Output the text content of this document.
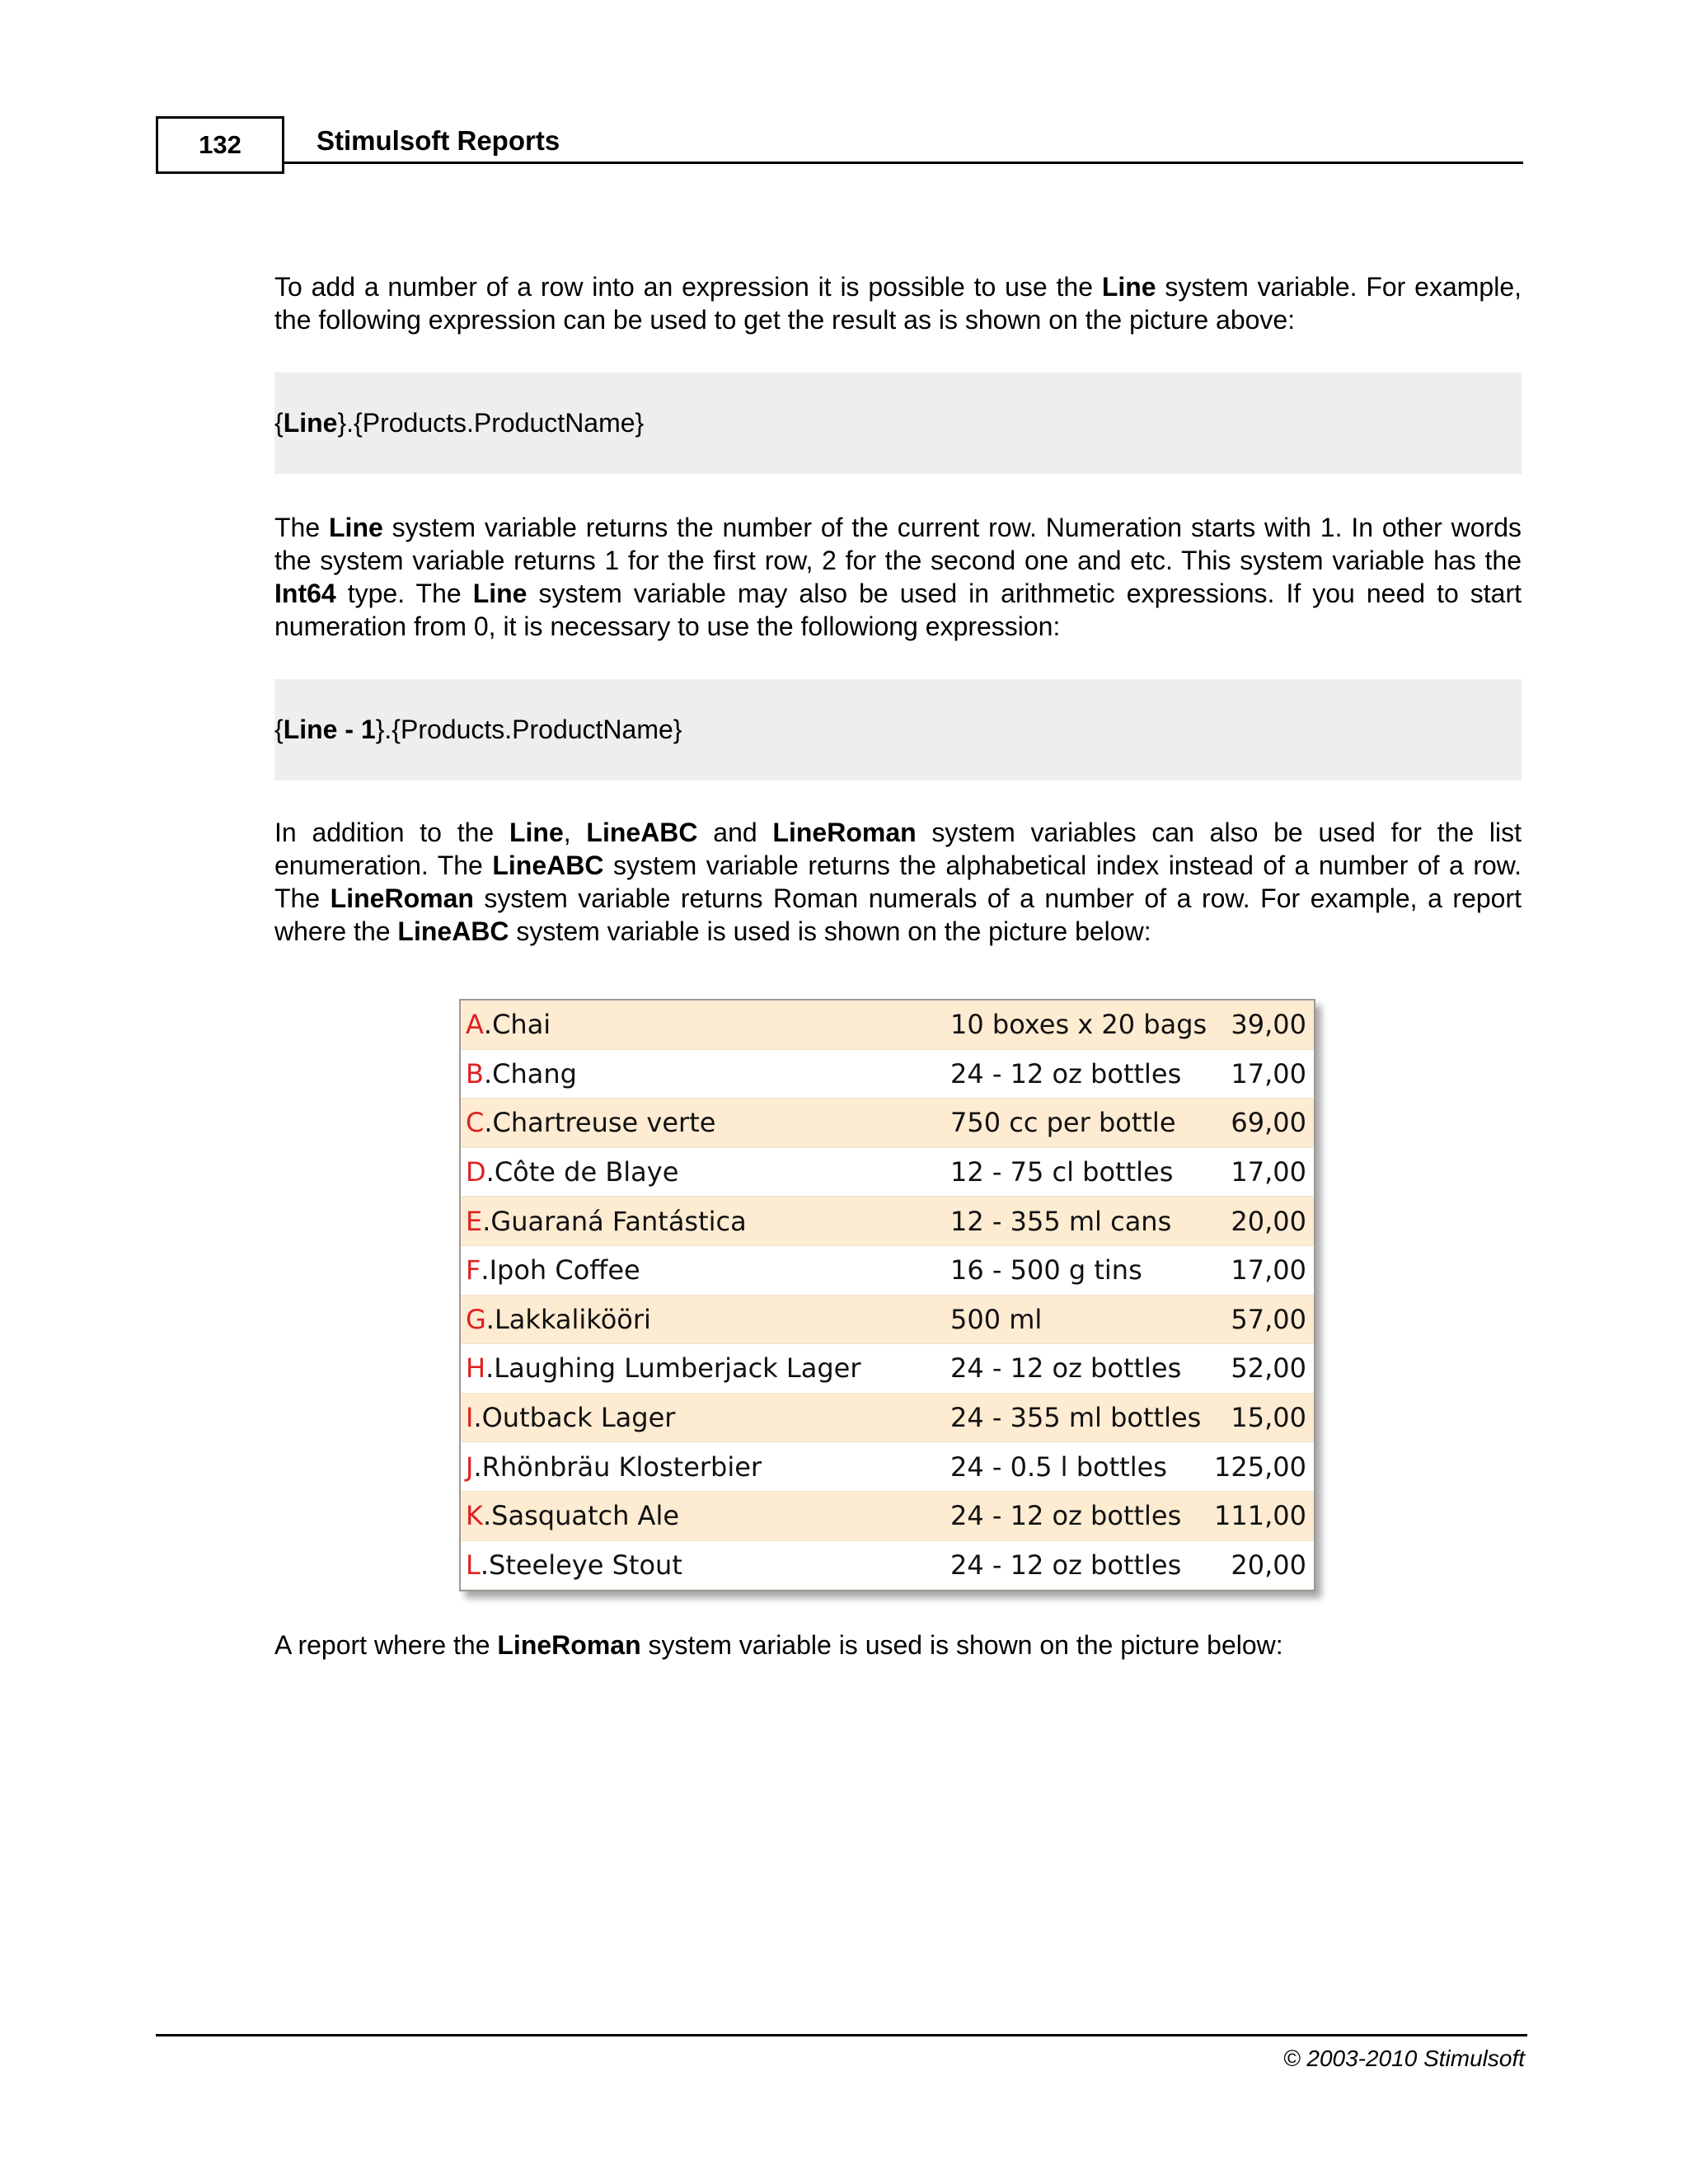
132	Stimulsoft Reports

To add a number of a row into an expression it is possible to use the Line system variable. For example, the following expression can be used to get the result as is shown on the picture above:

{Line}.{Products.ProductName}

The Line system variable returns the number of the current row. Numeration starts with 1. In other words the system variable returns 1 for the first row, 2 for the second one and etc. This system variable has the Int64 type. The Line system variable may also be used in arithmetic expressions. If you need to start numeration from 0, it is necessary to use the followiong expression:

{Line - 1}.{Products.ProductName}

In addition to the Line, LineABC and LineRoman system variables can also be used for the list enumeration. The LineABC system variable returns the alphabetical index instead of a number of a row. The LineRoman system variable returns Roman numerals of a number of a row. For example, a report where the LineABC system variable is used is shown on the picture below:

A .Chai	10 boxes x 20 bags 39,00
B .Chang	24 - 12 oz bottles 17,00
C .Chartreuse verte	750 cc per bottle 69,00
D .Côte de Blaye	12 - 75 cl bottles 17,00
E .Guaraná Fantástica	12 - 355 ml cans 20,00
F .Ipoh Coffee	16 - 500 g tins	17,00
G .Lakkalikööri	500 ml	57,00
H .Laughing Lumberjack Lager	24 - 12 oz bottles 52,00
I .Outback Lager	24 - 355 ml bottles 15,00
J .Rhönbräu Klosterbier	24 - 0.5 l bottles 125,00
K .Sasquatch Ale	24 - 12 oz bottles 111,00
L .Steeleye Stout	24 - 12 oz bottles 20,00

A report where the LineRoman system variable is used is shown on the picture below:

© 2003-2010 Stimulsoft
